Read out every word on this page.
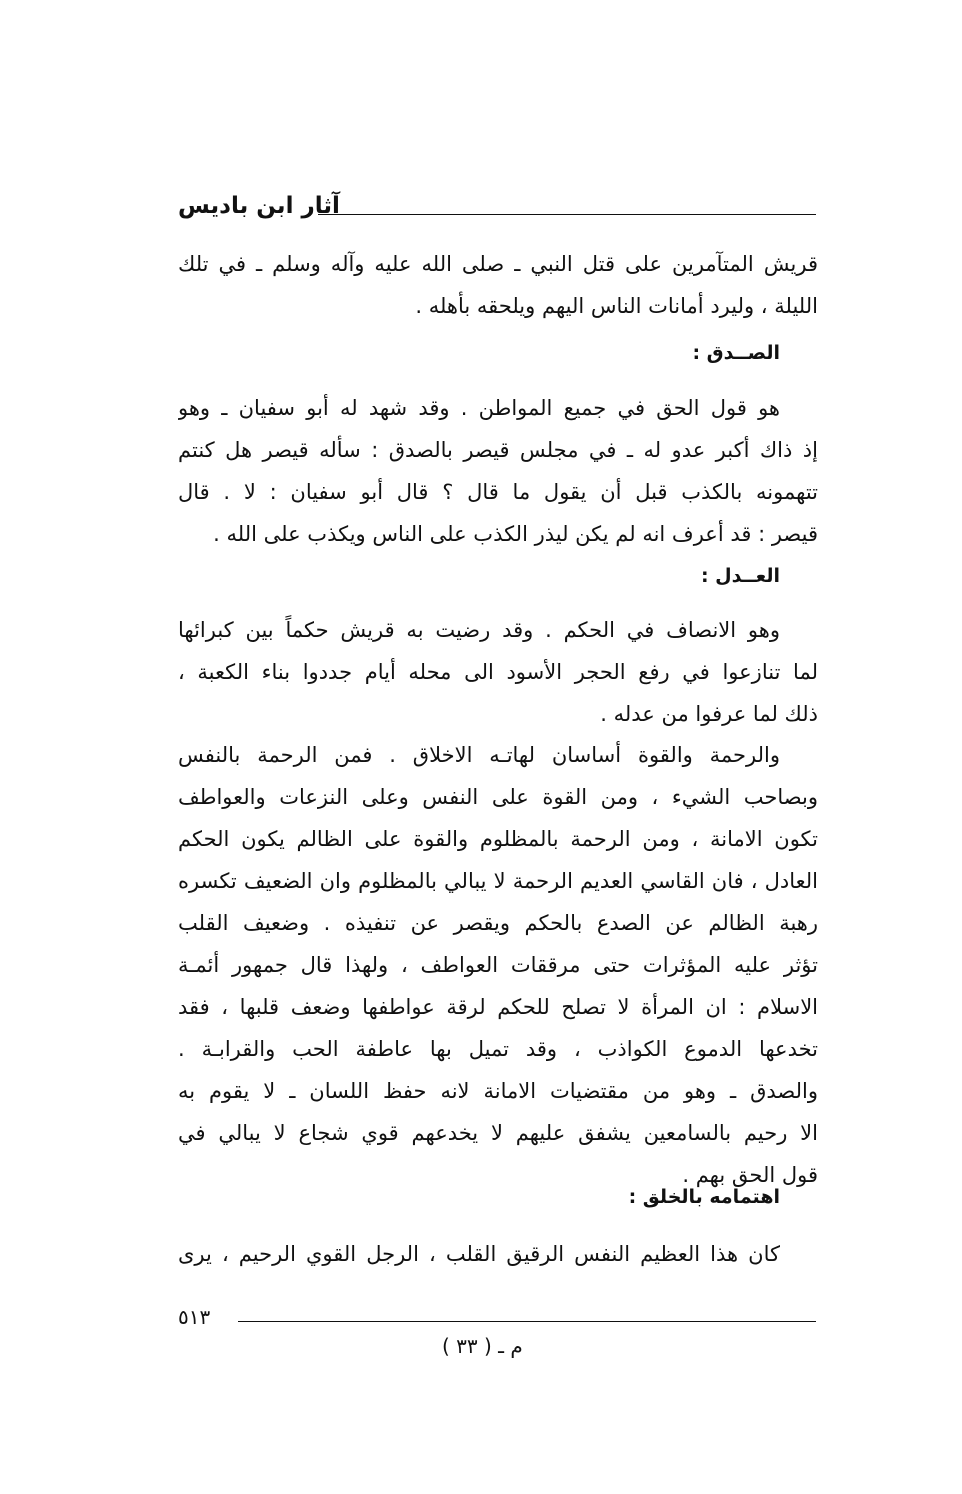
آثار ابن باديس
قريش المتآمرين على قتل النبي ـ صلى الله عليه وآله وسلم ـ في تلك
الليلة ، وليرد أمانات الناس اليهم ويلحقه بأهله .
الصــدق :
هو قول الحق في جميع المواطن . وقد شهد له أبو سفيان ـ وهو
إذ ذاك أكبر عدو له ـ في مجلس قيصر بالصدق : سأله قيصر هل كنتم
تتهمونه بالكذب قبل أن يقول ما قال ؟ قال أبو سفيان : لا . قال
قيصر : قد أعرف انه لم يكن ليذر الكذب على الناس ويكذب على الله .
العــدل :
وهو الانصاف في الحكم . وقد رضيت به قريش حكماً بين كبرائها
لما تنازعوا في رفع الحجر الأسود الى محله أيام جددوا بناء الكعبة ،
ذلك لما عرفوا من عدله .
والرحمة والقوة أساسان لهاتـه الاخلاق . فمن الرحمة بالنفس
وبصاحب الشيء ، ومن القوة على النفس وعلى النزعات والعواطف
تكون الامانة ، ومن الرحمة بالمظلوم والقوة على الظالم يكون الحكم
العادل ، فان القاسي العديم الرحمة لا يبالي بالمظلوم وان الضعيف تكسره
رهبة الظالم عن الصدع بالحكم ويقصر عن تنفيذه . وضعيف القلب
تؤثر عليه المؤثرات حتى مرققات العواطف ، ولهذا قال جمهور أئمـة
الاسلام : ان المرأة لا تصلح للحكم لرقة عواطفها وضعف قلبها ، فقد
تخدعها الدموع الكواذب ، وقد تميل بها عاطفة الحب والقرابـة .
والصدق ـ وهو من مقتضيات الامانة لانه حفظ اللسان ـ لا يقوم به
الا رحيم بالسامعين يشفق عليهم لا يخدعهم قوي شجاع لا يبالي في
قول الحق بهم .
اهتمامه بالخلق :
كان هذا العظيم النفس الرقيق القلب ، الرجل القوي الرحيم ، يرى
٥١٣
م ـ ( ٣٣ )
